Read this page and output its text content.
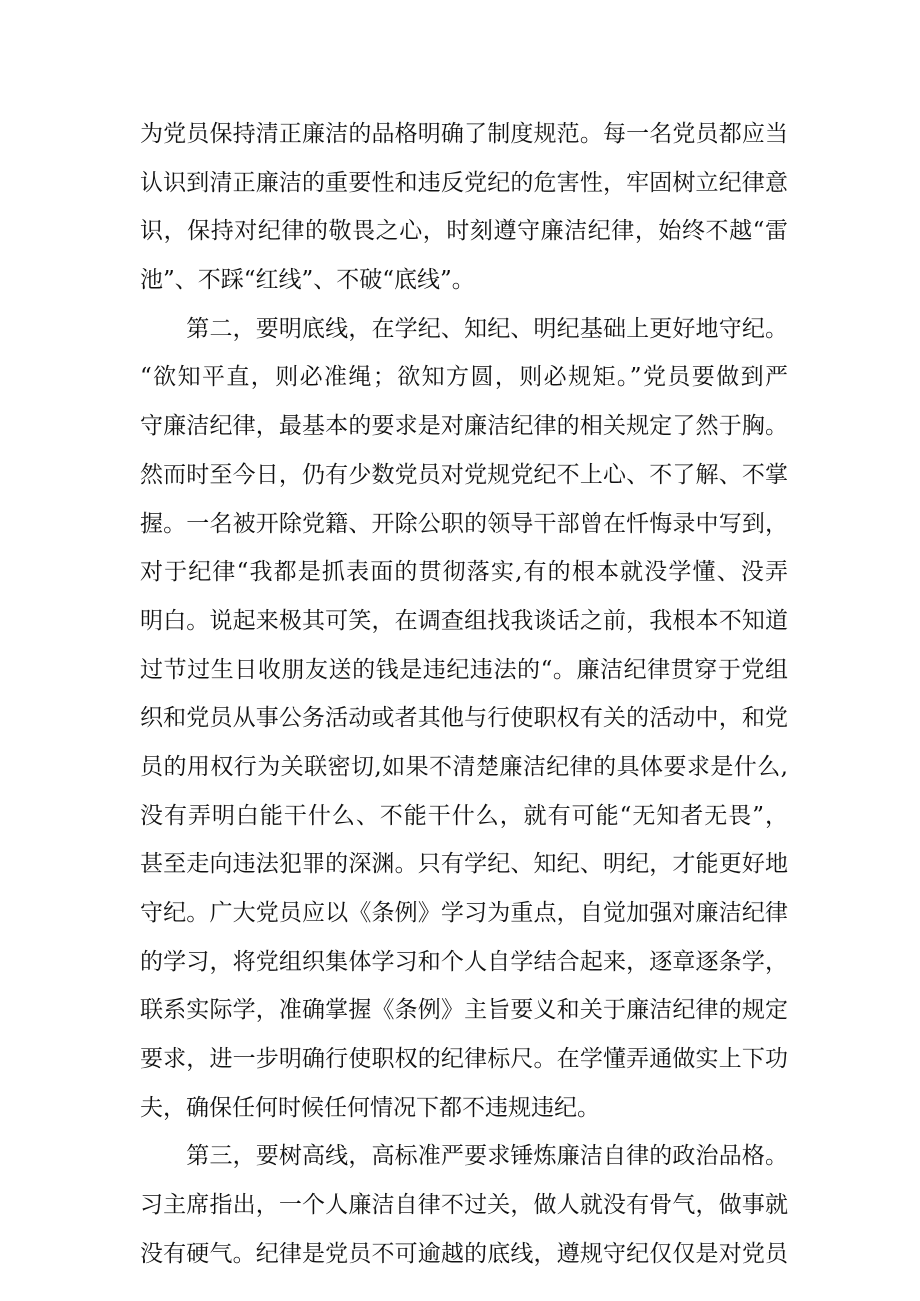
为党员保持清正廉洁的品格明确了制度规范。每一名党员都应当
认识到清正廉洁的重要性和违反党纪的危害性，牢固树立纪律意
识，保持对纪律的敬畏之心，时刻遵守廉洁纪律，始终不越“雷
池”、不踩“红线”、不破“底线”。
　　第二，要明底线，在学纪、知纪、明纪基础上更好地守纪。
“欲知平直，则必准绳；欲知方圆，则必规矩。”党员要做到严
守廉洁纪律，最基本的要求是对廉洁纪律的相关规定了然于胸。
然而时至今日，仍有少数党员对党规党纪不上心、不了解、不掌
握。一名被开除党籍、开除公职的领导干部曾在忏悔录中写到，
对于纪律“我都是抓表面的贯彻落实,有的根本就没学懂、没弄
明白。说起来极其可笑，在调查组找我谈话之前，我根本不知道
过节过生日收朋友送的钱是违纪违法的“。廉洁纪律贯穿于党组
织和党员从事公务活动或者其他与行使职权有关的活动中，和党
员的用权行为关联密切,如果不清楚廉洁纪律的具体要求是什么,
没有弄明白能干什么、不能干什么，就有可能“无知者无畏”，
甚至走向违法犯罪的深渊。只有学纪、知纪、明纪，才能更好地
守纪。广大党员应以《条例》学习为重点，自觉加强对廉洁纪律
的学习，将党组织集体学习和个人自学结合起来，逐章逐条学，
联系实际学，准确掌握《条例》主旨要义和关于廉洁纪律的规定
要求，进一步明确行使职权的纪律标尺。在学懂弄通做实上下功
夫，确保任何时候任何情况下都不违规违纪。
　　第三，要树高线，高标准严要求锤炼廉洁自律的政治品格。
习主席指出，一个人廉洁自律不过关，做人就没有骨气，做事就
没有硬气。纪律是党员不可逾越的底线，遵规守纪仅仅是对党员
